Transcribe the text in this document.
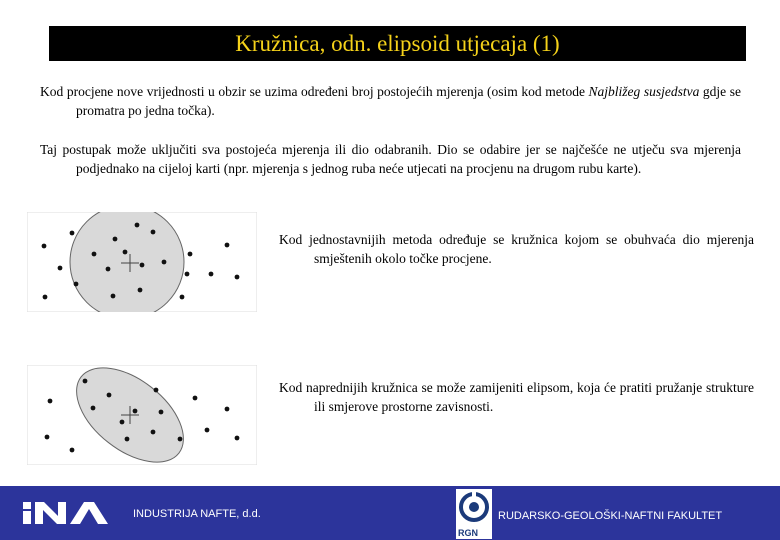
Kružnica, odn. elipsoid utjecaja (1)

Kod procjene nove vrijednosti u obzir se uzima određeni broj postojećih mjerenja (osim kod metode Najbližeg susjedstva gdje se promatra po jedna točka).

Taj postupak može uključiti sva postojeća mjerenja ili dio odabranih. Dio se odabire jer se najčešće ne utječu sva mjerenja podjednako na cijeloj karti (npr. mjerenja s jednog ruba neće utjecati na procjenu na drugom rubu karte).

Kod jednostavnijih metoda određuje se kružnica kojom se obuhvaća dio mjerenja smještenih okolo točke procjene.

Kod naprednijih kružnica se može zamijeniti elipsom, koja će pratiti pružanje strukture ili smjerove prostorne zavisnosti.

INDUSTRIJA NAFTE, d.d.
RGN
RUDARSKO-GEOLOŠKI-NAFTNI FAKULTET
